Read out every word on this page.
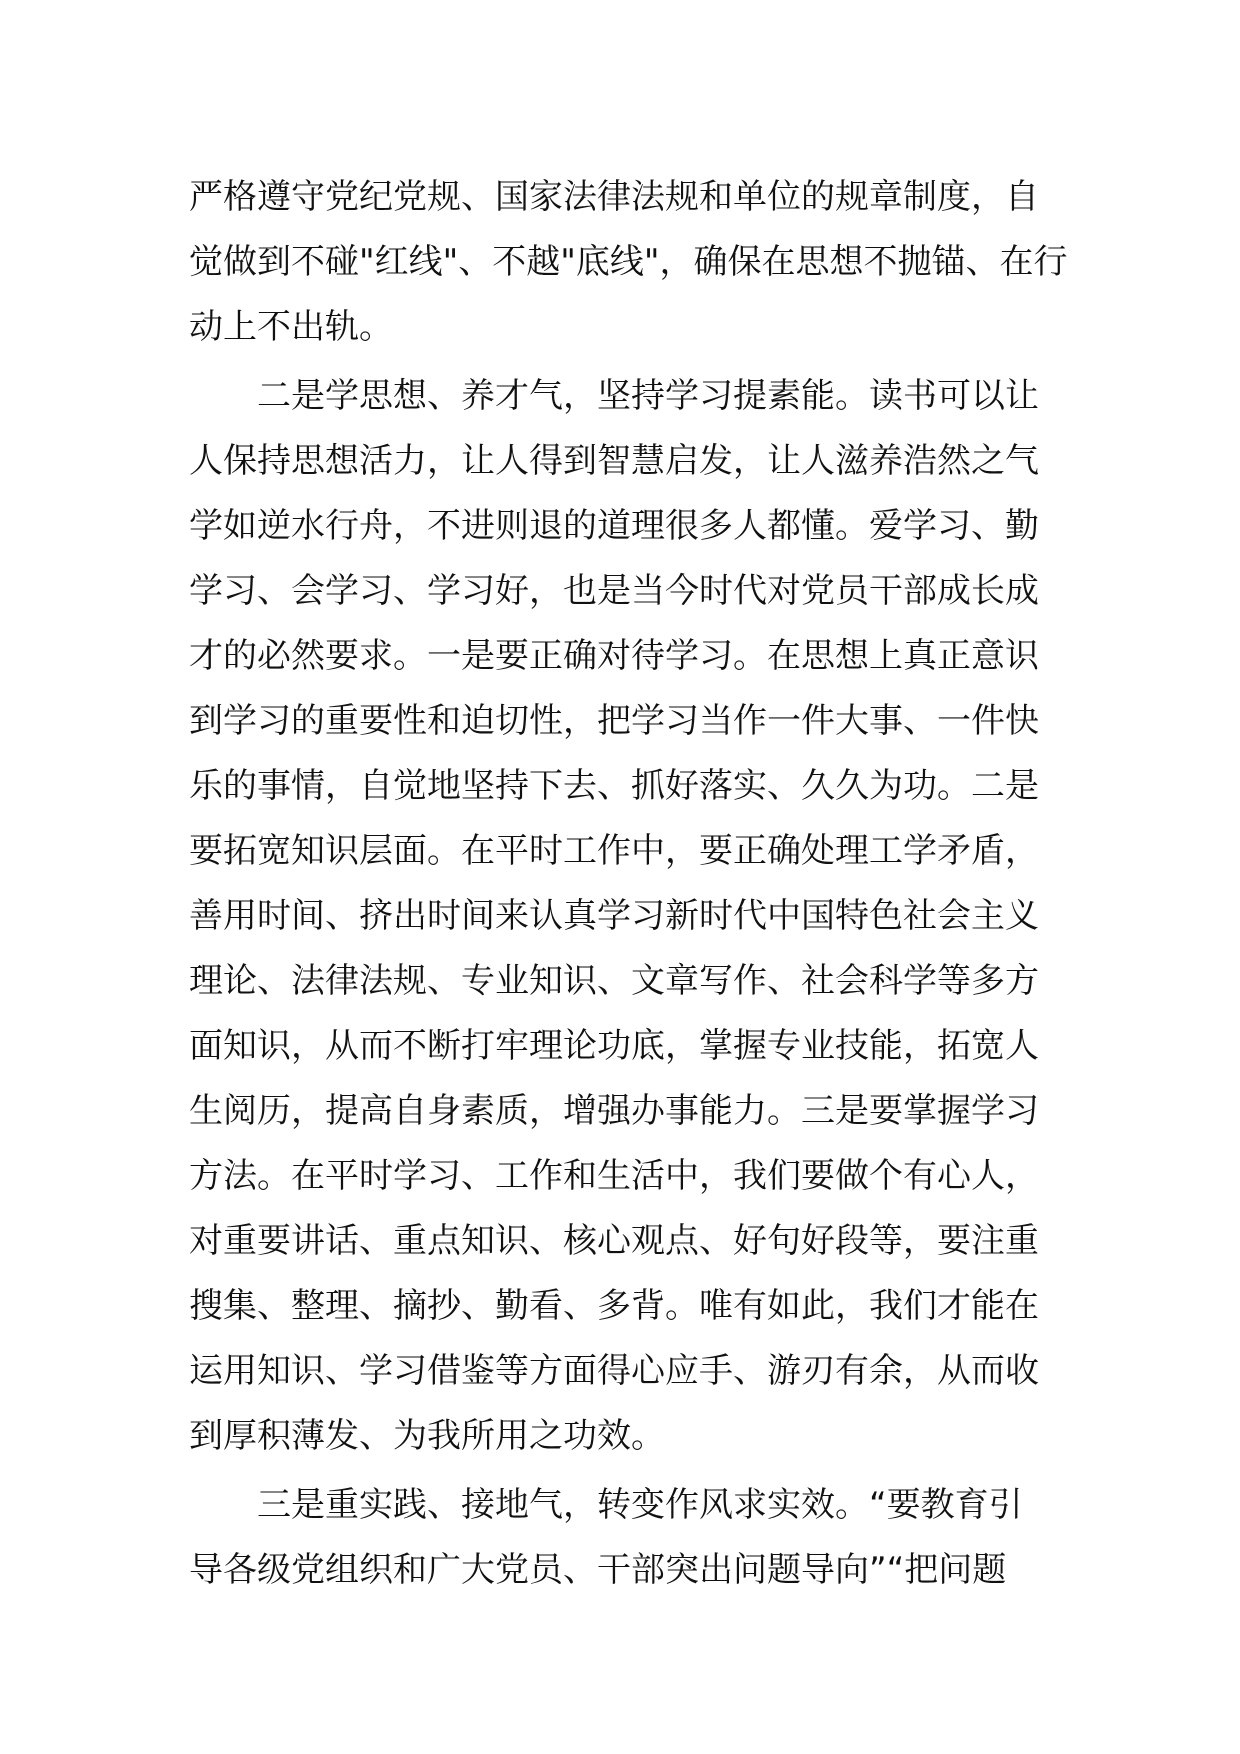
严格遵守党纪党规、国家法律法规和单位的规章制度，自
觉做到不碰"红线"、不越"底线"，确保在思想不抛锚、在行
动上不出轨。
　　二是学思想、养才气，坚持学习提素能。读书可以让
人保持思想活力，让人得到智慧启发，让人滋养浩然之气
学如逆水行舟，不进则退的道理很多人都懂。爱学习、勤
学习、会学习、学习好，也是当今时代对党员干部成长成
才的必然要求。一是要正确对待学习。在思想上真正意识
到学习的重要性和迫切性，把学习当作一件大事、一件快
乐的事情，自觉地坚持下去、抓好落实、久久为功。二是
要拓宽知识层面。在平时工作中，要正确处理工学矛盾，
善用时间、挤出时间来认真学习新时代中国特色社会主义
理论、法律法规、专业知识、文章写作、社会科学等多方
面知识，从而不断打牢理论功底，掌握专业技能，拓宽人
生阅历，提高自身素质，增强办事能力。三是要掌握学习
方法。在平时学习、工作和生活中，我们要做个有心人，
对重要讲话、重点知识、核心观点、好句好段等，要注重
搜集、整理、摘抄、勤看、多背。唯有如此，我们才能在
运用知识、学习借鉴等方面得心应手、游刃有余，从而收
到厚积薄发、为我所用之功效。
　　三是重实践、接地气，转变作风求实效。“要教育引
导各级党组织和广大党员、干部突出问题导向”“把问题
